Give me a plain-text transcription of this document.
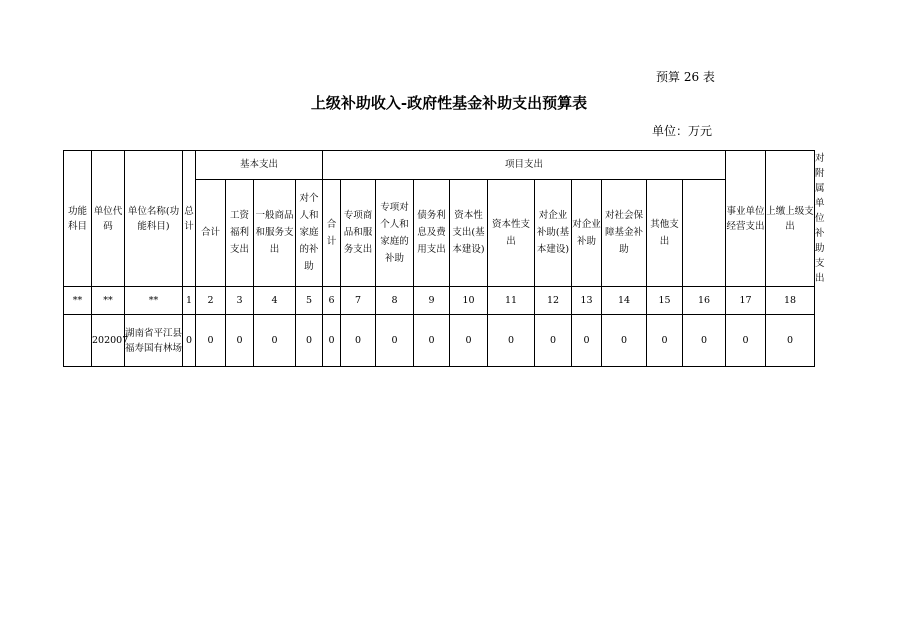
预算 26 表
上级补助收入-政府性基金补助支出预算表
单位：万元
功能科目	单位代码	单位名称(功能科目)	总计	基本支出				项目支出											事业单位经营支出	上缴上级支出	对附属单位补助支出
				合计	工资福利支出	一般商品和服务支出	对个人和家庭的补助	合计	专项商品和服务支出	专项对个人和家庭的补助	债务利息及费用支出	资本性支出(基本建设)	资本性支出	对企业补助(基本建设)	对企业补助	对社会保障基金补助	其他支出				
**	**	**	1	2	3	4	5	6	7	8	9	10	11	12	13	14	15	16	17	18	
	202007	湖南省平江县福寿国有林场	0	0	0	0	0	0	0	0	0	0	0	0	0	0	0	0	0	0	
